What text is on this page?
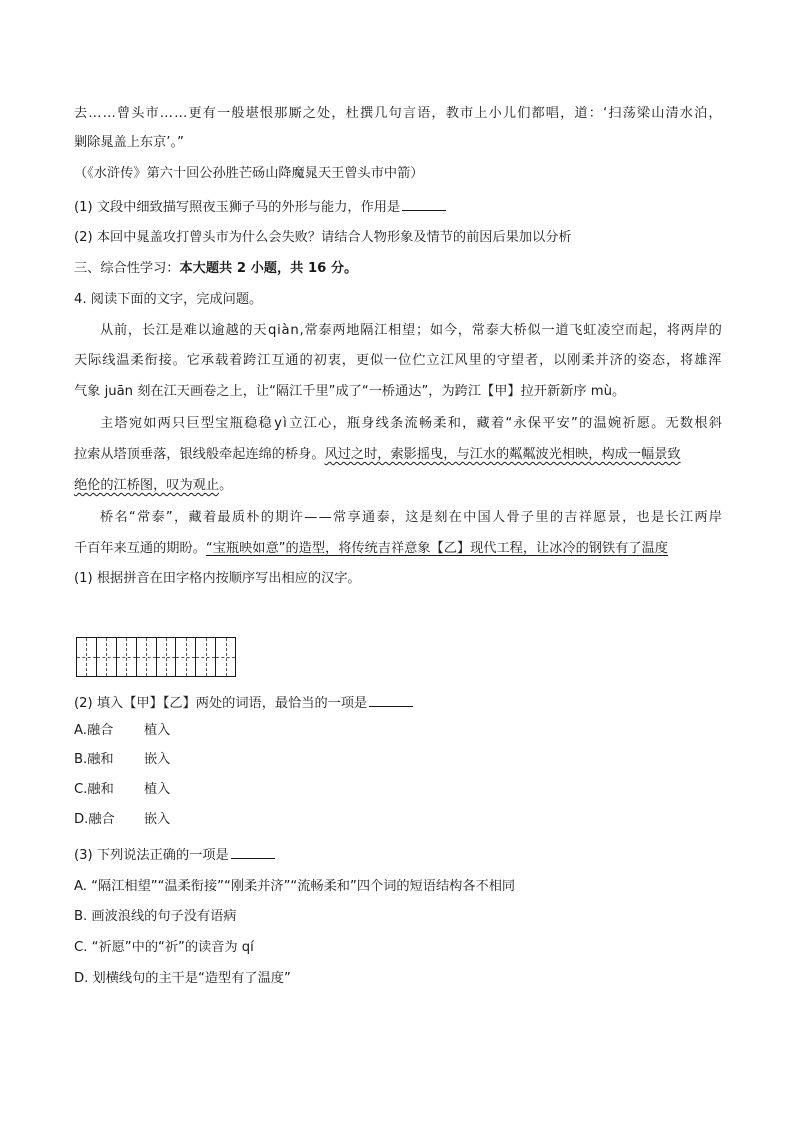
去 … … 曾 头 市 … … 更 有 一 般 堪 恨 那 厮 之 处 ， 杜 撰 几 句 言 语 ， 教 市 上 小 儿 们 都 唱 ， 道 ： ‘ 扫 荡 梁 山 清 水 泊 ，
剿除晁盖上东京’。”
（《水浒传》第六十回公孙胜芒砀山降魔晁天王曾头市中箭）
(1) 文段中细致描写照夜玉狮子马的外形与能力，作用是
(2) 本回中晁盖攻打曾头市为什么会失败？请结合人物形象及情节的前因后果加以分析
三、综合性学习：本大题共 2 小题，共 16 分。
4. 阅读下面的文字，完成问题。
从 前 ， 长 江 是 难 以 逾 越 的 天 q i à n , 常 泰 两 地 隔 江 相 望 ； 如 今 ， 常 泰 大 桥 似 一 道 飞 虹 凌 空 而 起 ， 将 两 岸 的
天 际 线 温 柔 衔 接 。 它 承 载 着 跨 江 互 通 的 初 衷 ， 更 似 一 位 伫 立 江 风 里 的 守 望 者 ， 以 刚 柔 并 济 的 姿 态 ， 将 雄 浑
气象 juān 刻在江天画卷之上，让“隔江千里”成了“一桥通达”，为跨江【甲】拉开新新序 mù。
主 塔 宛 如 两 只 巨 型 宝 瓶 稳 稳 y ì 立 江 心 ， 瓶 身 线 条 流 畅 柔 和 ， 藏 着 “ 永 保 平 安 ” 的 温 婉 祈 愿 。 无 数 根 斜
拉索从塔顶垂落，银线般牵起连绵的桥身。风过之时，索影摇曳，与江水的粼粼波光相映，构成一幅景致
绝伦的江桥图，叹为观止。
桥 名 “ 常 泰 ” ， 藏 着 最 质 朴 的 期 许 — — 常 享 通 泰 ， 这 是 刻 在 中 国 人 骨 子 里 的 吉 祥 愿 景 ， 也 是 长 江 两 岸
千百年来互通的期盼。“宝瓶映如意”的造型，将传统吉祥意象【乙】现代工程，让冰冷的钢铁有了温度
(1) 根据拼音在田字格内按顺序写出相应的汉字。
(2) 填入【甲】【乙】两处的词语，最恰当的一项是
A.融合 植入
B.融和 嵌入
C.融和 植入
D.融合 嵌入
(3) 下列说法正确的一项是
A. “隔江相望”“温柔衔接”“刚柔并济”“流畅柔和”四个词的短语结构各不相同
B. 画波浪线的句子没有语病
C. “祈愿”中的“祈”的读音为 qí
D. 划横线句的主干是“造型有了温度”
